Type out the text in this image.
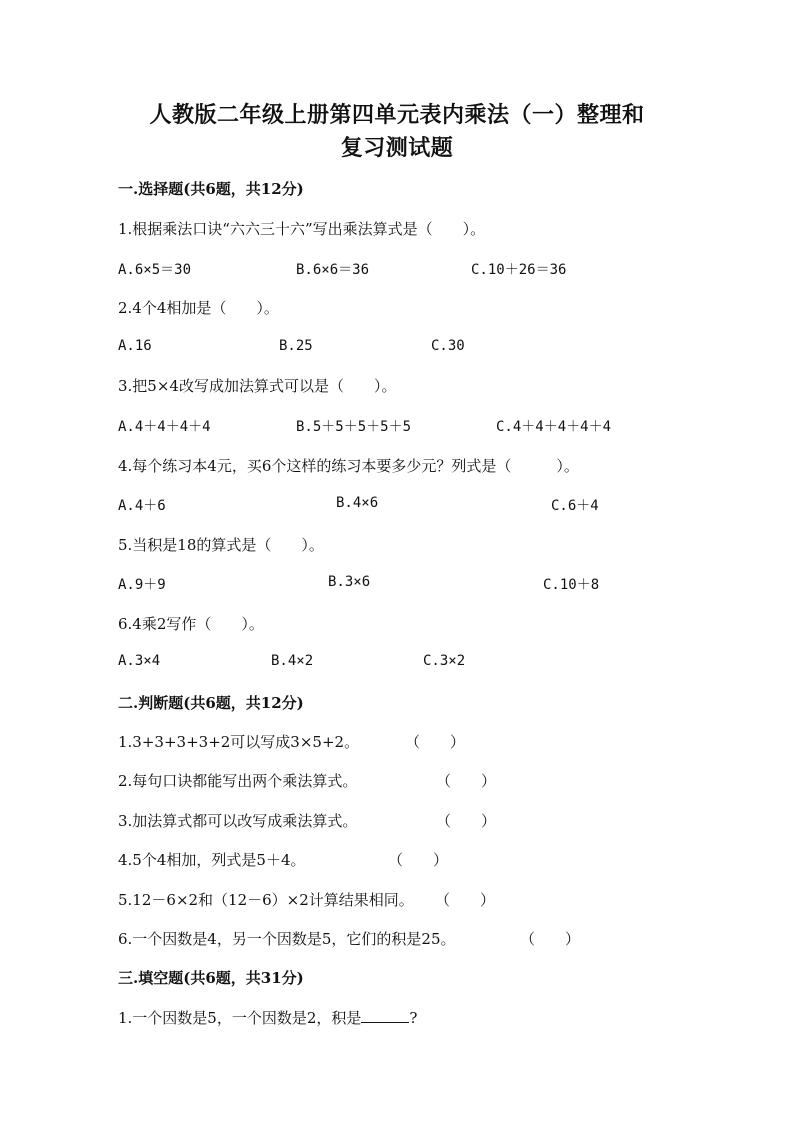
人教版二年级上册第四单元表内乘法（一）整理和
复习测试题
一.选择题(共6题，共12分)
1.根据乘法口诀“六六三十六”写出乘法算式是（　　）。
A.6×5＝30	B.6×6＝36	C.10＋26＝36
2.4个4相加是（　　）。
A.16	B.25	C.30
3.把5×4改写成加法算式可以是（　　）。
A.4＋4＋4＋4	B.5＋5＋5＋5＋5	C.4＋4＋4＋4＋4
4.每个练习本4元，买6个这样的练习本要多少元？列式是（　　　）。
A.4＋6	B.4×6	C.6＋4
5.当积是18的算式是（　　）。
A.9＋9	B.3×6	C.10＋8
6.4乘2写作（　　）。
A.3×4	B.4×2	C.3×2
二.判断题(共6题，共12分)
1.3+3+3+3+2可以写成3×5+2。	（　　）
2.每句口诀都能写出两个乘法算式。	（　　）
3.加法算式都可以改写成乘法算式。	（　　）
4.5个4相加，列式是5＋4。	（　　）
5.12－6×2和（12－6）×2计算结果相同。 （　　）
6.一个因数是4，另一个因数是5，它们的积是25。	（　　）
三.填空题(共6题，共31分)
1.一个因数是5，一个因数是2，积是	?
